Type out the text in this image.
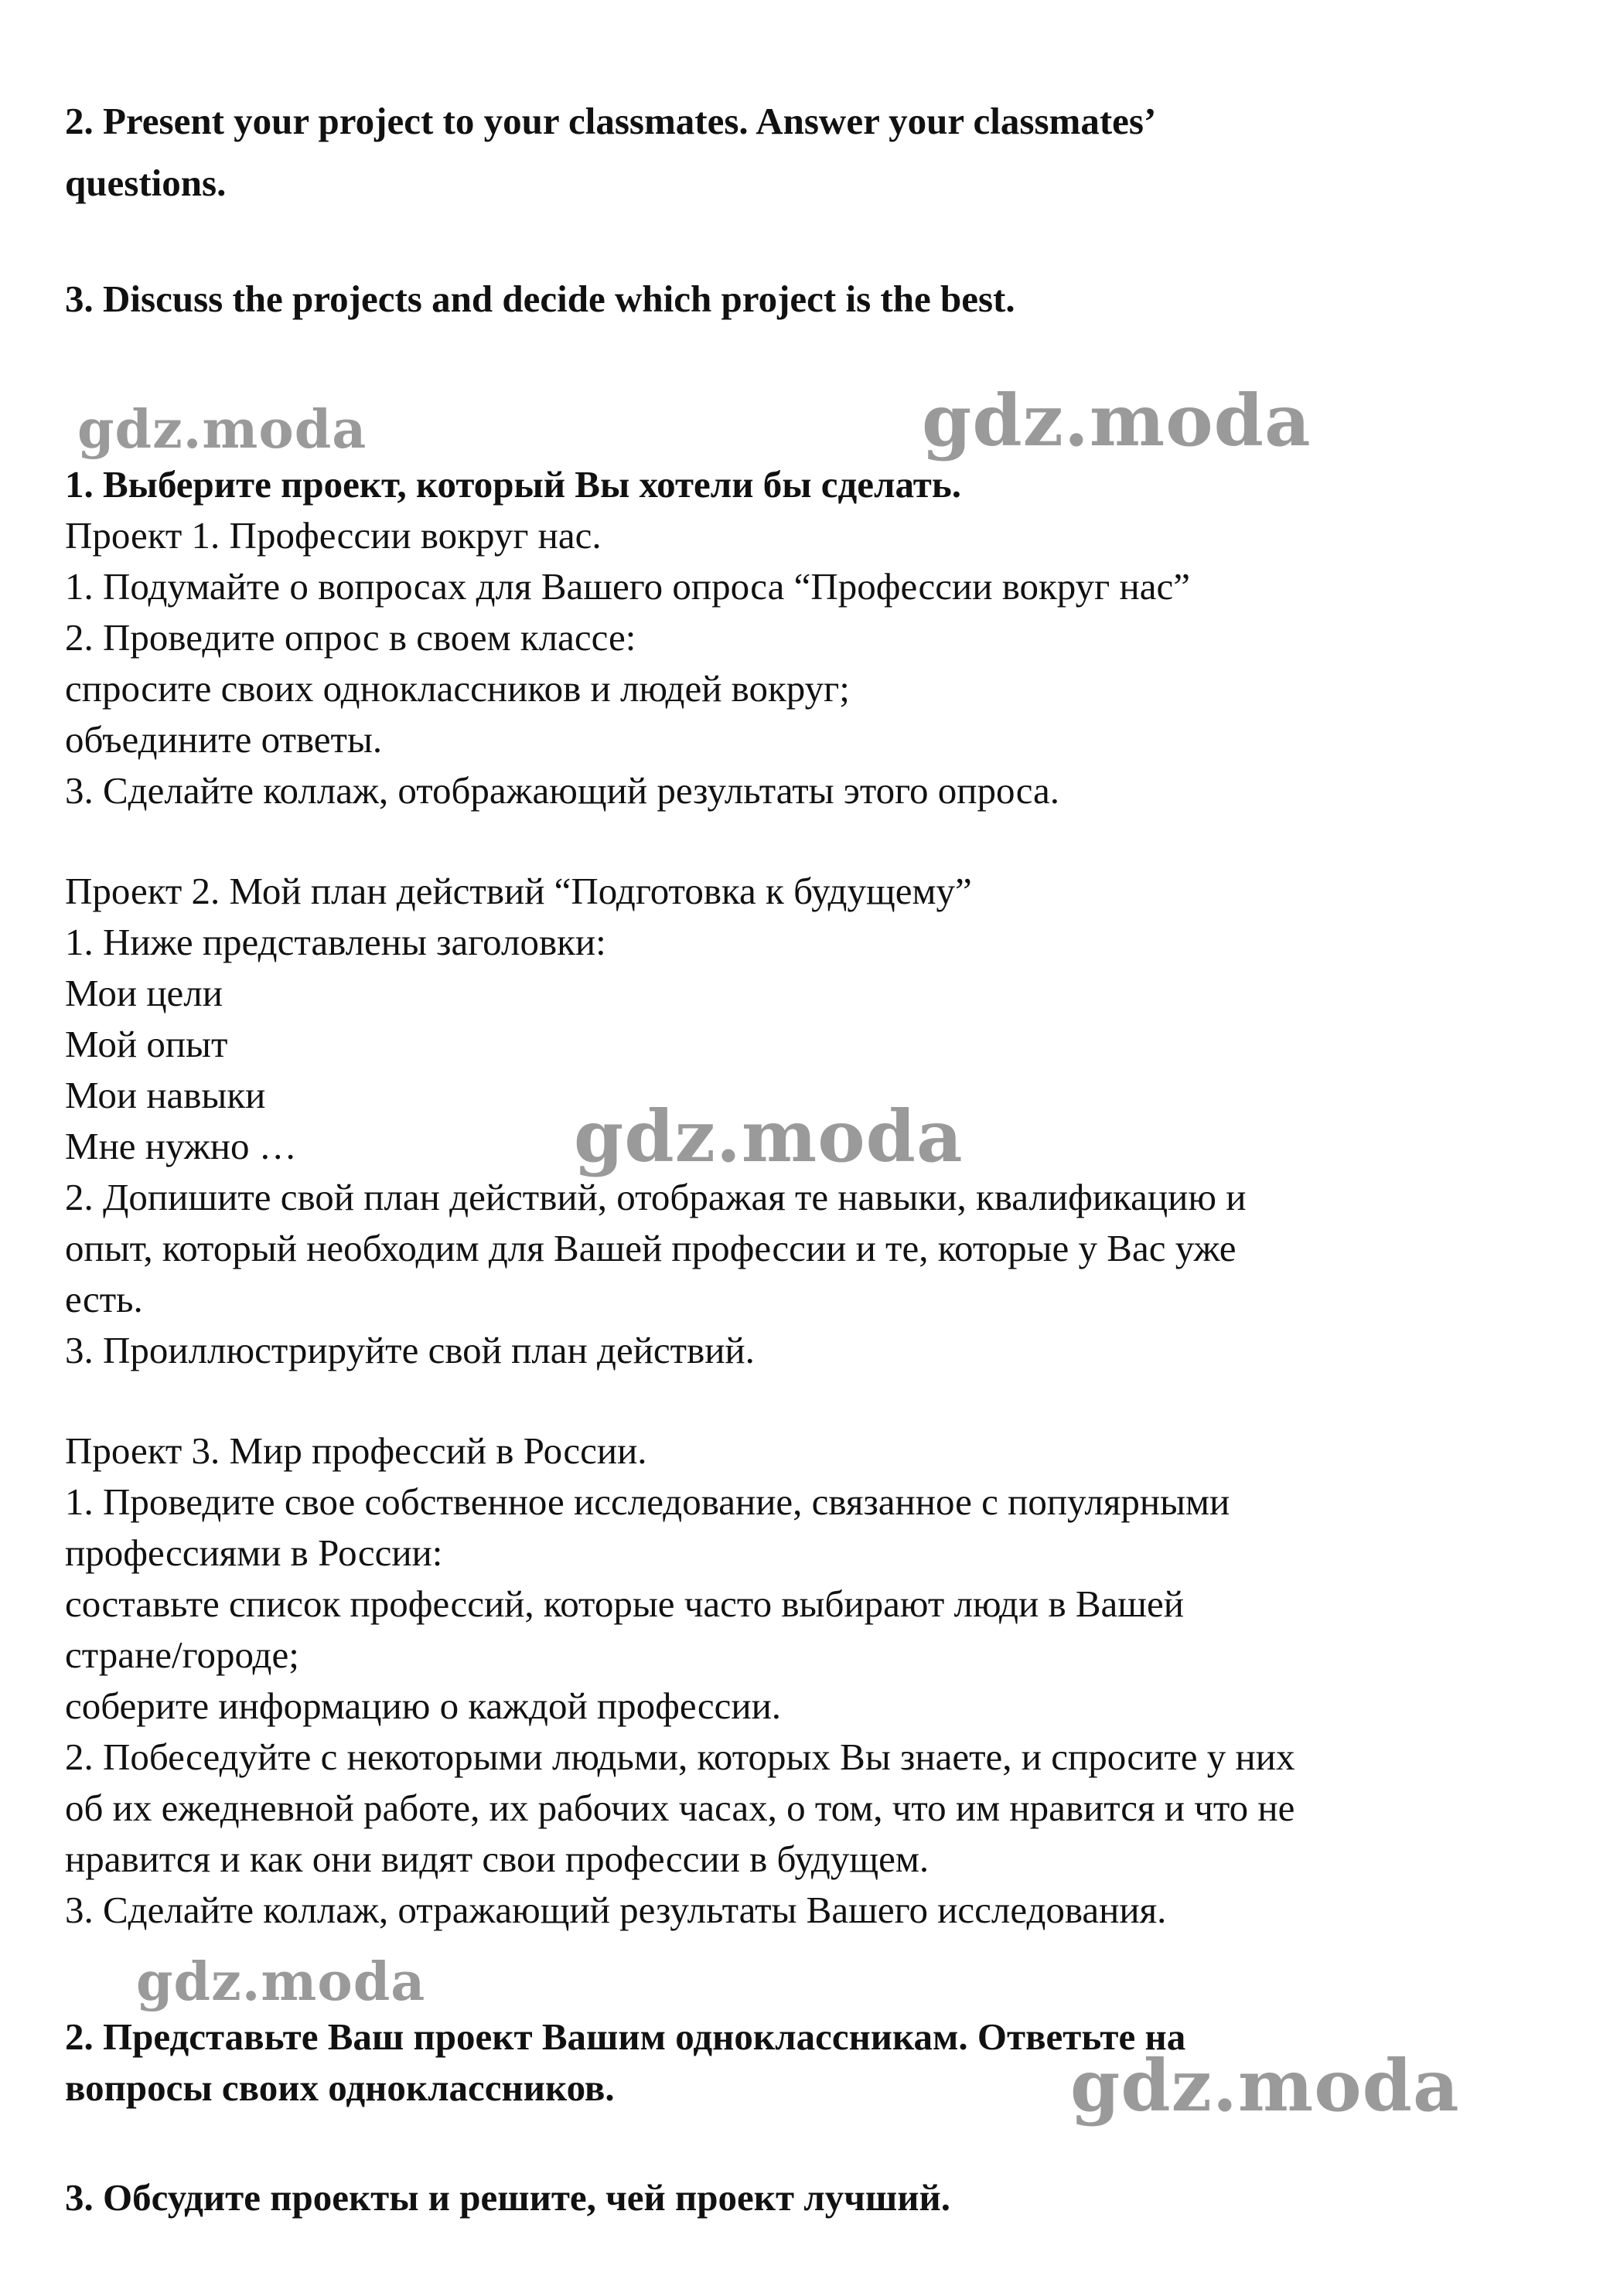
2. Present your project to your classmates. Answer your classmates’
questions.
3. Discuss the projects and decide which project is the best.
gdz.moda	gdz.moda
gdz.moda
gdz.moda
gdz.moda
1. Выберите проект, который Вы хотели бы сделать.
Проект 1. Профессии вокруг нас.
1. Подумайте о вопросах для Вашего опроса “Профессии вокруг нас”
2. Проведите опрос в своем классе:
спросите своих одноклассников и людей вокруг;
объедините ответы.
3. Сделайте коллаж, отображающий результаты этого опроса.
Проект 2. Мой план действий “Подготовка к будущему”
1. Ниже представлены заголовки:
Мои цели
Мой опыт
Мои навыки
Мне нужно …
2. Допишите свой план действий, отображая те навыки, квалификацию и
опыт, который необходим для Вашей профессии и те, которые у Вас уже
есть.
3. Проиллюстрируйте свой план действий.
Проект 3. Мир профессий в России.
1. Проведите свое собственное исследование, связанное с популярными
профессиями в России:
составьте список профессий, которые часто выбирают люди в Вашей
стране/городе;
соберите информацию о каждой профессии.
2. Побеседуйте с некоторыми людьми, которых Вы знаете, и спросите у них
об их ежедневной работе, их рабочих часах, о том, что им нравится и что не
нравится и как они видят свои профессии в будущем.
3. Сделайте коллаж, отражающий результаты Вашего исследования.
2. Представьте Ваш проект Вашим одноклассникам. Ответьте на
вопросы своих одноклассников.
3. Обсудите проекты и решите, чей проект лучший.
